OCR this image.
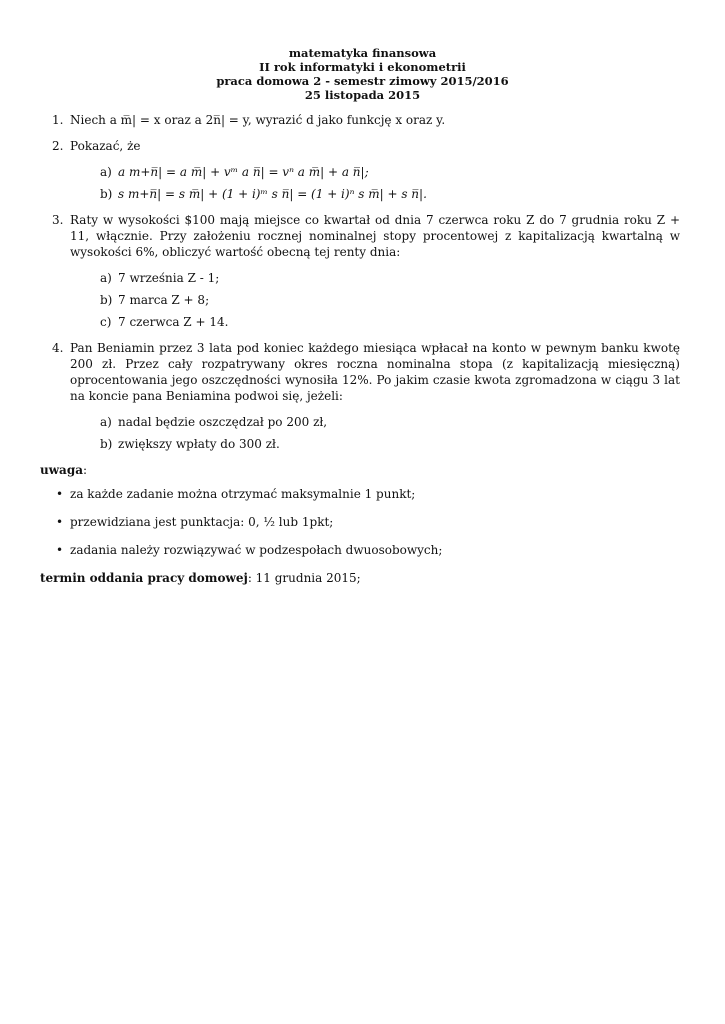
matematyka finansowa
II rok informatyki i ekonometrii
praca domowa 2 - semestr zimowy 2015/2016
25 listopada 2015
1. Niech a m̅| = x oraz a 2n̅| = y, wyrazić d jako funkcję x oraz y.
2. Pokazać, że
a) a m+n̅| = a m̅| + vᵐ a n̅| = vⁿ a m̅| + a n̅|;
b) s m+n̅| = s m̅| + (1 + i)ᵐ s n̅| = (1 + i)ⁿ s m̅| + s n̅|.
3. Raty w wysokości $100 mają miejsce co kwartał od dnia 7 czerwca roku Z do 7 grudnia roku Z + 11, włącznie. Przy założeniu rocznej nominalnej stopy procentowej z kapitalizacją kwartalną w wysokości 6%, obliczyć wartość obecną tej renty dnia:
a) 7 września Z - 1;
b) 7 marca Z + 8;
c) 7 czerwca Z + 14.
4. Pan Beniamin przez 3 lata pod koniec każdego miesiąca wpłacał na konto w pewnym banku kwotę 200 zł. Przez cały rozpatrywany okres roczna nominalna stopa (z kapitalizacją miesięczną) oprocentowania jego oszczędności wynosiła 12%. Po jakim czasie kwota zgromadzona w ciągu 3 lat na koncie pana Beniamina podwoi się, jeżeli:
a) nadal będzie oszczędzał po 200 zł,
b) zwiększy wpłaty do 300 zł.
uwaga:
• za każde zadanie można otrzymać maksymalnie 1 punkt;
• przewidziana jest punktacja: 0, ½ lub 1pkt;
• zadania należy rozwiązywać w podzespołach dwuosobowych;
termin oddania pracy domowej: 11 grudnia 2015;
